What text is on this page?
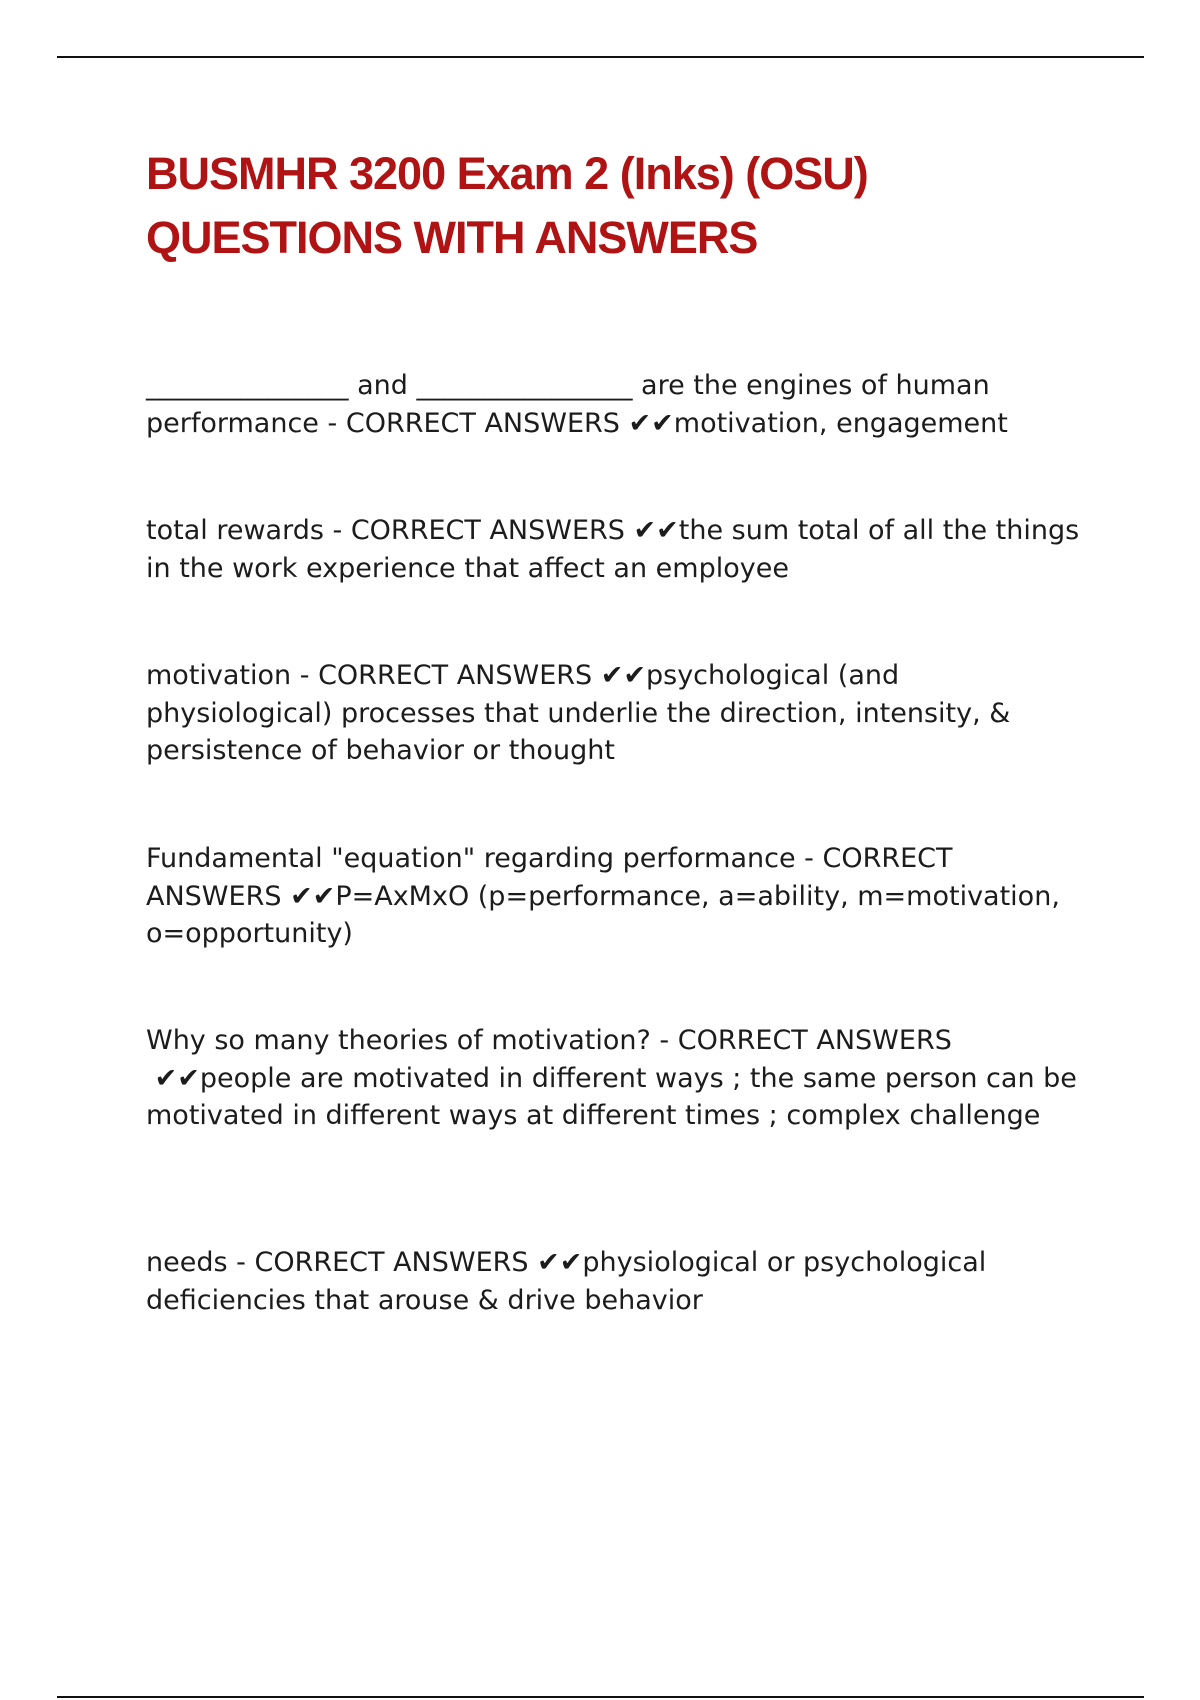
BUSMHR 3200 Exam 2 (Inks) (OSU)
QUESTIONS WITH ANSWERS

_______________ and ________________ are the engines of human performance - CORRECT ANSWERS ✔✔motivation, engagement

total rewards - CORRECT ANSWERS ✔✔the sum total of all the things in the work experience that affect an employee

motivation - CORRECT ANSWERS ✔✔psychological (and physiological) processes that underlie the direction, intensity, & persistence of behavior or thought

Fundamental "equation" regarding performance - CORRECT ANSWERS ✔✔P=AxMxO (p=performance, a=ability, m=motivation, o=opportunity)

Why so many theories of motivation? - CORRECT ANSWERS ✔✔people are motivated in different ways ; the same person can be motivated in different ways at different times ; complex challenge

needs - CORRECT ANSWERS ✔✔physiological or psychological deficiencies that arouse & drive behavior
